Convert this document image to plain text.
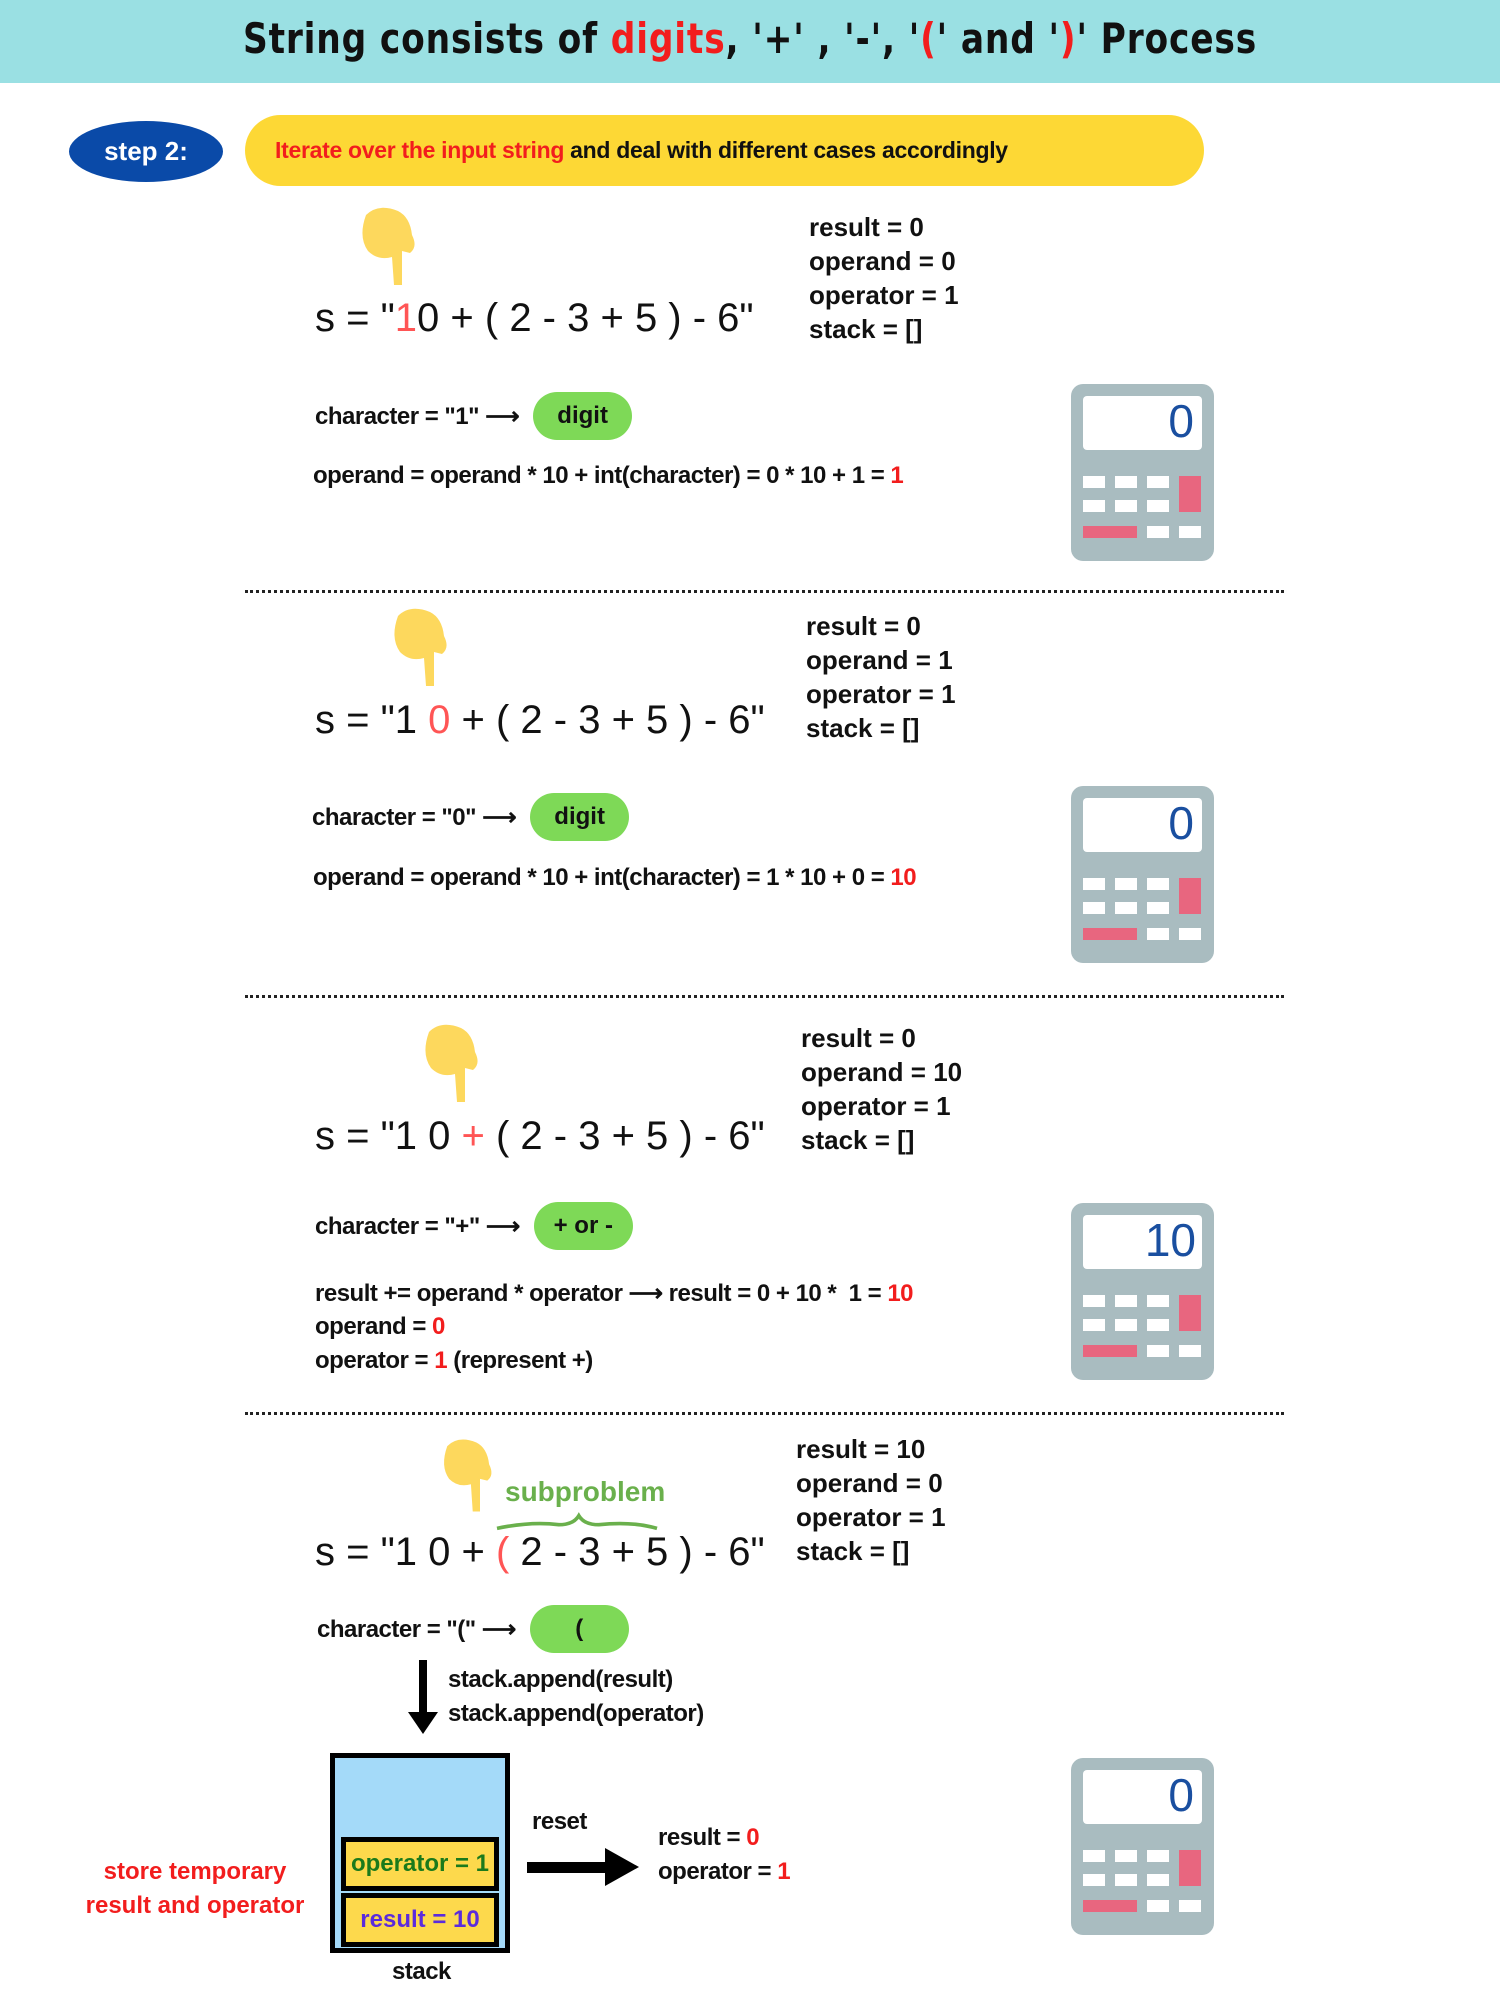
String consists of digits, '+' , '-', '(' and ')' Process
step 2:	Iterate over the input string and deal with different cases accordingly
s = "10 + ( 2 - 3 + 5 ) - 6"
result = 0
operand = 0
operator = 1
stack = []
character = "1" ⟶	digit
operand = operand * 10 + int(character) = 0 * 10 + 1 = 1
0
s = "1 0 + ( 2 - 3 + 5 ) - 6"
result = 0
operand = 1
operator = 1
stack = []
character = "0" ⟶	digit
operand = operand * 10 + int(character) = 1 * 10 + 0 = 10
0
s = "1 0 + ( 2 - 3 + 5 ) - 6"
result = 0
operand = 10
operator = 1
stack = []
character = "+" ⟶	+ or -
result += operand * operator ⟶ result = 0 + 10 *  1 = 10
operand = 0
operator = 1 (represent +)
10
subproblem
s = "1 0 + ( 2 - 3 + 5 ) - 6"
result = 10
operand = 0
operator = 1
stack = []
character = "(" ⟶	(
stack.append(result)
stack.append(operator)
operator = 1
result = 10
stack
store temporary
result and operator
reset
result = 0
operator = 1
0
